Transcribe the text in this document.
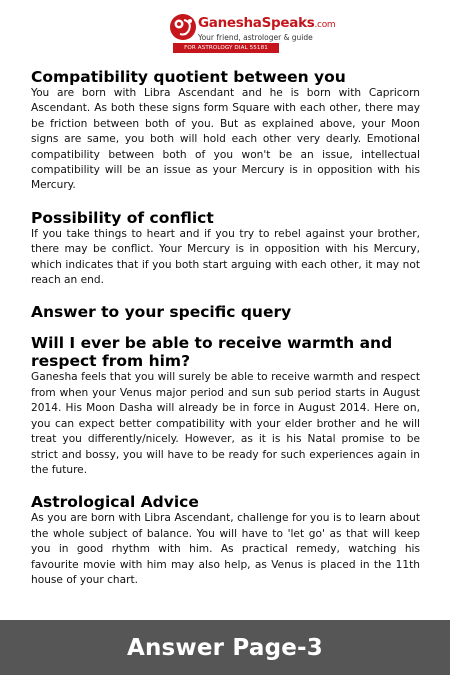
GaneshaSpeaks.com
Your friend, astrologer & guide
FOR ASTROLOGY DIAL 55181
Compatibility quotient between you

You are born with Libra Ascendant and he is born with Capricorn Ascendant. As both these signs form Square with each other, there may be friction between both of you. But as explained above, your Moon signs are same, you both will hold each other very dearly. Emotional compatibility between both of you won't be an issue, intellectual compatibility will be an issue as your Mercury is in opposition with his Mercury.

Possibility of conflict

If you take things to heart and if you try to rebel against your brother, there may be conflict. Your Mercury is in opposition with his Mercury, which indicates that if you both start arguing with each other, it may not reach an end.

Answer to your specific query
Will I ever be able to receive warmth and respect from him?

Ganesha feels that you will surely be able to receive warmth and respect from when your Venus major period and sun sub period starts in August 2014. His Moon Dasha will already be in force in August 2014. Here on, you can expect better compatibility with your elder brother and he will treat you differently/nicely. However, as it is his Natal promise to be strict and bossy, you will have to be ready for such experiences again in the future.

Astrological Advice

As you are born with Libra Ascendant, challenge for you is to learn about the whole subject of balance. You will have to 'let go' as that will keep you in good rhythm with him. As practical remedy, watching his favourite movie with him may also help, as Venus is placed in the 11th house of your chart.

Answer Page-3
